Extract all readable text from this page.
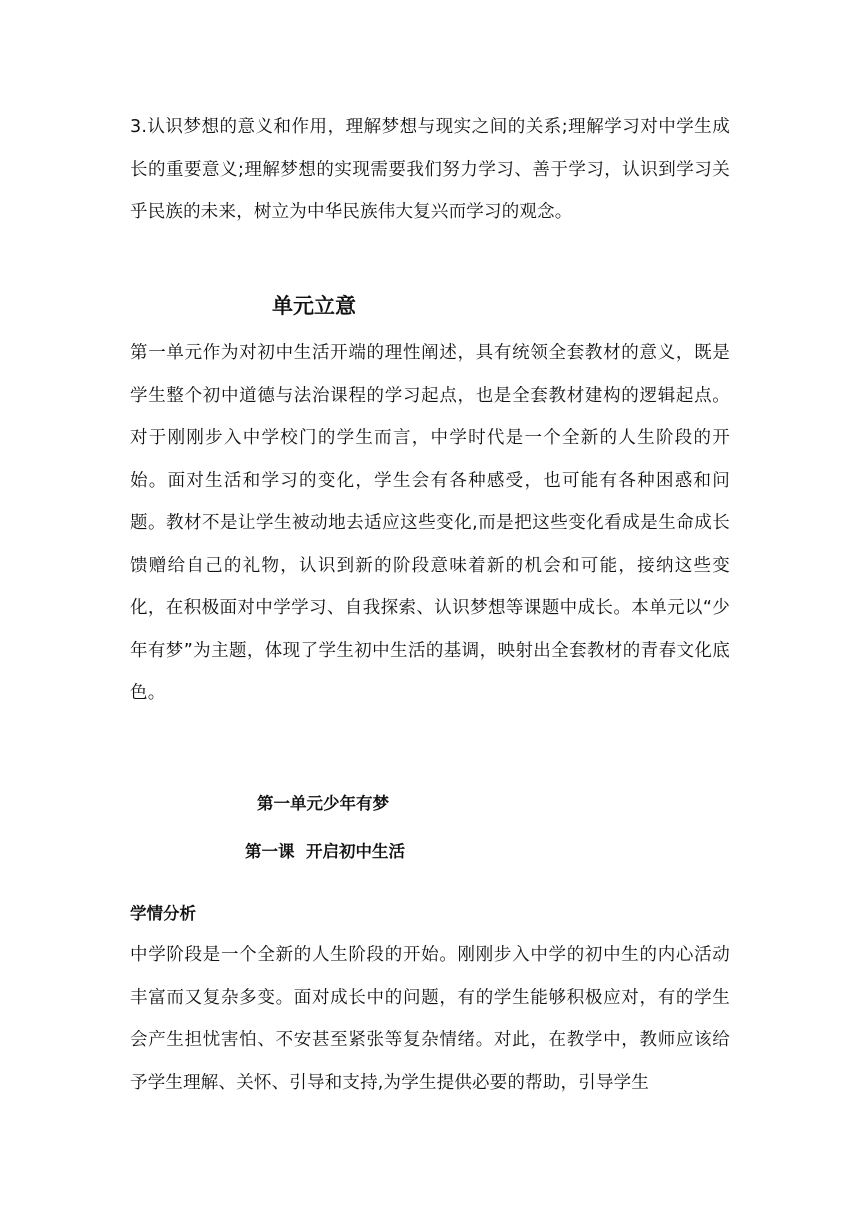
3.认识梦想的意义和作用，理解梦想与现实之间的关系;理解学习对中学生成长的重要意义;理解梦想的实现需要我们努力学习、善于学习，认识到学习关乎民族的未来，树立为中华民族伟大复兴而学习的观念。

单元立意

第一单元作为对初中生活开端的理性阐述，具有统领全套教材的意义，既是学生整个初中道德与法治课程的学习起点，也是全套教材建构的逻辑起点。对于刚刚步入中学校门的学生而言，中学时代是一个全新的人生阶段的开始。面对生活和学习的变化，学生会有各种感受，也可能有各种困惑和问题。教材不是让学生被动地去适应这些变化,而是把这些变化看成是生命成长馈赠给自己的礼物，认识到新的阶段意味着新的机会和可能，接纳这些变化，在积极面对中学学习、自我探索、认识梦想等课题中成长。本单元以“少年有梦”为主题，体现了学生初中生活的基调，映射出全套教材的青春文化底色。

第一单元少年有梦
第一课  开启初中生活
学情分析

中学阶段是一个全新的人生阶段的开始。刚刚步入中学的初中生的内心活动丰富而又复杂多变。面对成长中的问题，有的学生能够积极应对，有的学生会产生担忧害怕、不安甚至紧张等复杂情绪。对此，在教学中，教师应该给予学生理解、关怀、引导和支持,为学生提供必要的帮助，引导学生
